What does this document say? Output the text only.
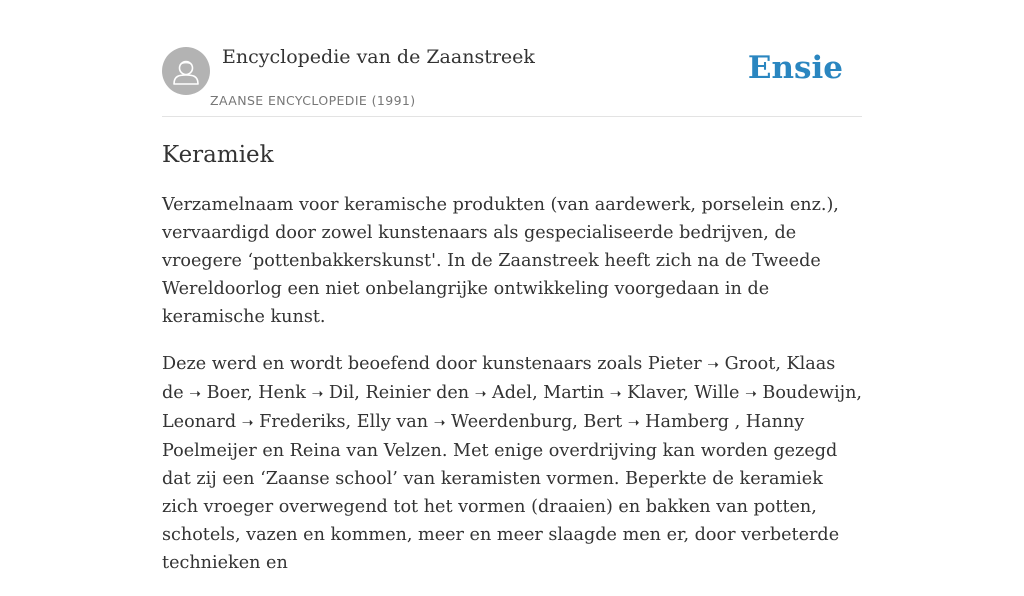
Encyclopedie van de Zaanstreek
ZAANSE ENCYCLOPEDIE (1991)
Ensie
Keramiek

Verzamelnaam voor keramische produkten (van aardewerk, porselein enz.), vervaardigd door zowel kunstenaars als gespecialiseerde bedrijven, de vroegere ‘pottenbakkerskunst'. In de Zaanstreek heeft zich na de Tweede Wereldoorlog een niet onbelangrijke ontwikkeling voorgedaan in de keramische kunst.

Deze werd en wordt beoefend door kunstenaars zoals Pieter ➝ Groot, Klaas de ➝ Boer, Henk ➝ Dil, Reinier den ➝ Adel, Martin ➝ Klaver, Wille ➝ Boudewijn, Leonard ➝ Frederiks, Elly van ➝ Weerdenburg, Bert ➝ Hamberg , Hanny Poelmeijer en Reina van Velzen. Met enige overdrijving kan worden gezegd dat zij een ‘Zaanse school’ van keramisten vormen. Beperkte de keramiek zich vroeger overwegend tot het vormen (draaien) en bakken van potten, schotels, vazen en kommen, meer en meer slaagde men er, door verbeterde technieken en
